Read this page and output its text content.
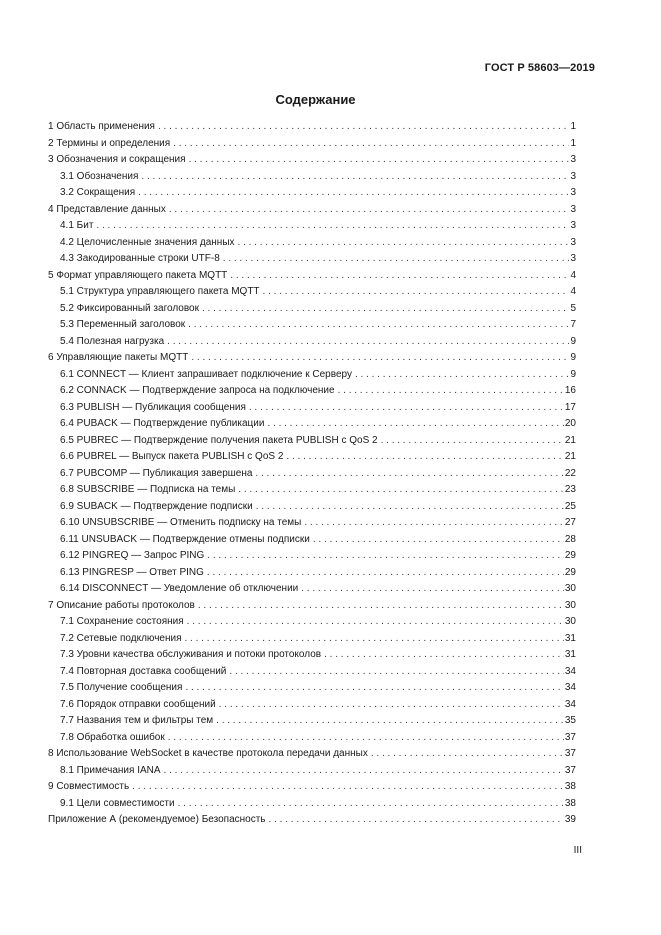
ГОСТ Р 58603—2019
Содержание
1 Область применения . . .	1
2 Термины и определения . . .	1
3 Обозначения и сокращения . . .	3
3.1 Обозначения . . .	3
3.2 Сокращения . . .	3
4 Представление данных . . .	3
4.1 Бит . . .	3
4.2 Целочисленные значения данных . . .	3
4.3 Закодированные строки UTF-8 . . .	3
5 Формат управляющего пакета MQTT . . .	4
5.1 Структура управляющего пакета MQTT . . .	4
5.2 Фиксированный заголовок . . .	5
5.3 Переменный заголовок . . .	7
5.4 Полезная нагрузка . . .	9
6 Управляющие пакеты MQTT . . .	9
6.1 CONNECT — Клиент запрашивает подключение к Серверу . . .	9
6.2 CONNACK — Подтверждение запроса на подключение . . .	16
6.3 PUBLISH — Публикация сообщения . . .	17
6.4 PUBACK — Подтверждение публикации . . .	20
6.5 PUBREC — Подтверждение получения пакета PUBLISH с QoS 2 . . .	21
6.6 PUBREL — Выпуск пакета PUBLISH с QoS 2 . . .	21
6.7 PUBCOMP — Публикация завершена . . .	22
6.8 SUBSCRIBE — Подписка на темы . . .	23
6.9 SUBACK — Подтверждение подписки . . .	25
6.10 UNSUBSCRIBE — Отменить подписку на темы . . .	27
6.11 UNSUBACK — Подтверждение отмены подписки . . .	28
6.12 PINGREQ — Запрос PING . . .	29
6.13 PINGRESP — Ответ PING . . .	29
6.14 DISCONNECT — Уведомление об отключении . . .	30
7 Описание работы протоколов . . .	30
7.1 Сохранение состояния . . .	30
7.2 Сетевые подключения . . .	31
7.3 Уровни качества обслуживания и потоки протоколов . . .	31
7.4 Повторная доставка сообщений . . .	34
7.5 Получение сообщения . . .	34
7.6 Порядок отправки сообщений . . .	34
7.7 Названия тем и фильтры тем . . .	35
7.8 Обработка ошибок . . .	37
8 Использование WebSocket в качестве протокола передачи данных . . .	37
8.1 Примечания IANA . . .	37
9 Совместимость . . .	38
9.1 Цели совместимости . . .	38
Приложение А (рекомендуемое) Безопасность . . .	39
III
